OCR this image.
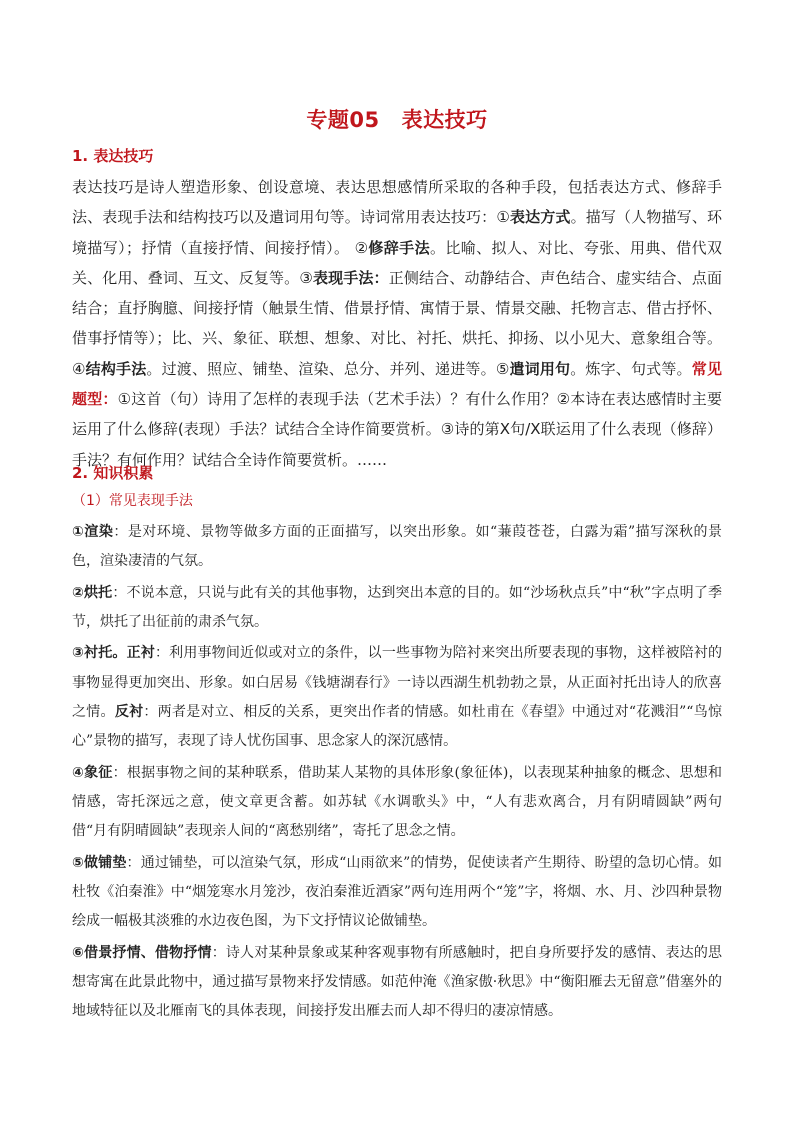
专题05 表达技巧
1. 表达技巧
表达技巧是诗人塑造形象、创设意境、表达思想感情所采取的各种手段，包括表达方式、修辞手法、表现手法和结构技巧以及遣词用句等。诗词常用表达技巧：①表达方式。描写（人物描写、环境描写）；抒情（直接抒情、间接抒情）。 ②修辞手法。比喻、拟人、对比、夸张、用典、借代双关、化用、叠词、互文、反复等。③表现手法：正侧结合、动静结合、声色结合、虚实结合、点面结合；直抒胸臆、间接抒情（触景生情、借景抒情、寓情于景、情景交融、托物言志、借古抒怀、借事抒情等）；比、兴、象征、联想、想象、对比、衬托、烘托、抑扬、以小见大、意象组合等。④结构手法。过渡、照应、铺垫、渲染、总分、并列、递进等。⑤遣词用句。炼字、句式等。常见题型：①这首（句）诗用了怎样的表现手法（艺术手法）？有什么作用？②本诗在表达感情时主要运用了什么修辞(表现）手法？试结合全诗作简要赏析。③诗的第X句/X联运用了什么表现（修辞）手法？有何作用？试结合全诗作简要赏析。……
2. 知识积累
（1）常见表现手法

①渲染：是对环境、景物等做多方面的正面描写，以突出形象。如“蒹葭苍苍，白露为霜”描写深秋的景色，渲染凄清的气氛。

②烘托：不说本意，只说与此有关的其他事物，达到突出本意的目的。如“沙场秋点兵”中“秋”字点明了季节，烘托了出征前的肃杀气氛。

③衬托。正衬：利用事物间近似或对立的条件，以一些事物为陪衬来突出所要表现的事物，这样被陪衬的事物显得更加突出、形象。如白居易《钱塘湖春行》一诗以西湖生机勃勃之景，从正面衬托出诗人的欣喜之情。反衬：两者是对立、相反的关系，更突出作者的情感。如杜甫在《春望》中通过对“花溅泪”“鸟惊心”景物的描写，表现了诗人忧伤国事、思念家人的深沉感情。

④象征：根据事物之间的某种联系，借助某人某物的具体形象(象征体)，以表现某种抽象的概念、思想和情感，寄托深远之意，使文章更含蓄。如苏轼《水调歌头》中，“人有悲欢离合，月有阴晴圆缺”两句借“月有阴晴圆缺”表现亲人间的“离愁别绪”，寄托了思念之情。

⑤做铺垫：通过铺垫，可以渲染气氛，形成“山雨欲来”的情势，促使读者产生期待、盼望的急切心情。如杜牧《泊秦淮》中“烟笼寒水月笼沙，夜泊秦淮近酒家”两句连用两个“笼”字，将烟、水、月、沙四种景物绘成一幅极其淡雅的水边夜色图，为下文抒情议论做铺垫。

⑥借景抒情、借物抒情：诗人对某种景象或某种客观事物有所感触时，把自身所要抒发的感情、表达的思想寄寓在此景此物中，通过描写景物来抒发情感。如范仲淹《渔家傲·秋思》中“衡阳雁去无留意”借塞外的地域特征以及北雁南飞的具体表现，间接抒发出雁去而人却不得归的凄凉情感。
